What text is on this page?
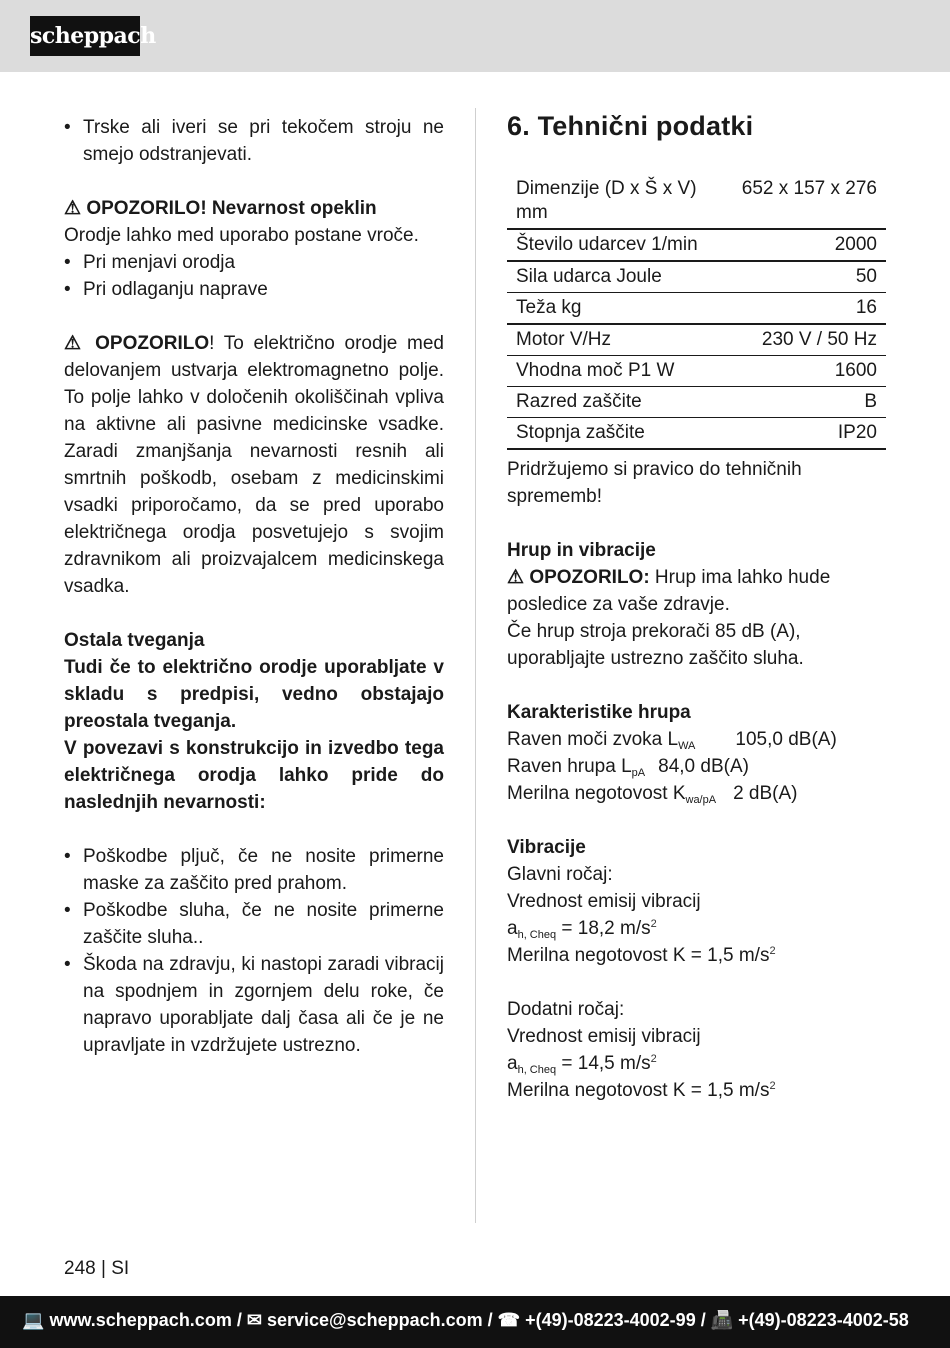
scheppach
• Trske ali iveri se pri tekočem stroju ne smejo odstranjevati.

⚠ OPOZORILO! Nevarnost opeklin

Orodje lahko med uporabo postane vroče.

• Pri menjavi orodja
• Pri odlaganju naprave

⚠ OPOZORILO! To električno orodje med delovanjem ustvarja elektromagnetno polje. To polje lahko v določenih okoliščinah vpliva na aktivne ali pasivne medicinske vsadke. Zaradi zmanjšanja nevarnosti resnih ali smrtnih poškodb, osebam z medicinskimi vsadki priporočamo, da se pred uporabo električnega orodja posvetujejo s svojim zdravnikom ali proizvajalcem medicinskega vsadka.

Ostala tveganja

Tudi če to električno orodje uporabljate v skladu s predpisi, vedno obstajajo preostala tveganja.

V povezavi s konstrukcijo in izvedbo tega električnega orodja lahko pride do naslednjih nevarnosti:

• Poškodbe pljuč, če ne nosite primerne maske za zaščito pred prahom.
• Poškodbe sluha, če ne nosite primerne zaščite sluha..
• Škoda na zdravju, ki nastopi zaradi vibracij na spodnjem in zgornjem delu roke, če napravo uporabljate dalj časa ali če je ne upravljate in vzdržujete ustrezno.
6. Tehnični podatki
Dimenzije (D x Š x V) mm	652 x 157 x 276
Število udarcev 1/min	2000
Sila udarca Joule	50
Teža kg	16
Motor V/Hz	230 V / 50 Hz
Vhodna moč P1 W	1600
Razred zaščite	B
Stopnja zaščite	IP20

Pridržujemo si pravico do tehničnih sprememb!

Hrup in vibracije

⚠ OPOZORILO: Hrup ima lahko hude posledice za vaše zdravje.

Če hrup stroja prekorači 85 dB (A), uporabljajte ustrezno zaščito sluha.

Karakteristike hrupa

Raven moči zvoka $L_{WA}$ 105,0 dB(A)

Raven hrupa $L_{pA}$ 84,0 dB(A)

Merilna negotovost $K_{wa/pA}$ 2 dB(A)

Vibracije

Glavni ročaj:

Vrednost emisij vibracij

$a_{h, Cheq} = 18,2$ $m/s^2$

Merilna negotovost K = 1,5 $m/s^2$

Dodatni ročaj:

Vrednost emisij vibracij

$a_{h, Cheq} = 14,5$ $m/s^2$

Merilna negotovost K = 1,5 $m/s^2$

248 | SI
💻 www.scheppach.com / ✉ service@scheppach.com / ☎ +(49)-08223-4002-99 / 📠 +(49)-08223-4002-58
